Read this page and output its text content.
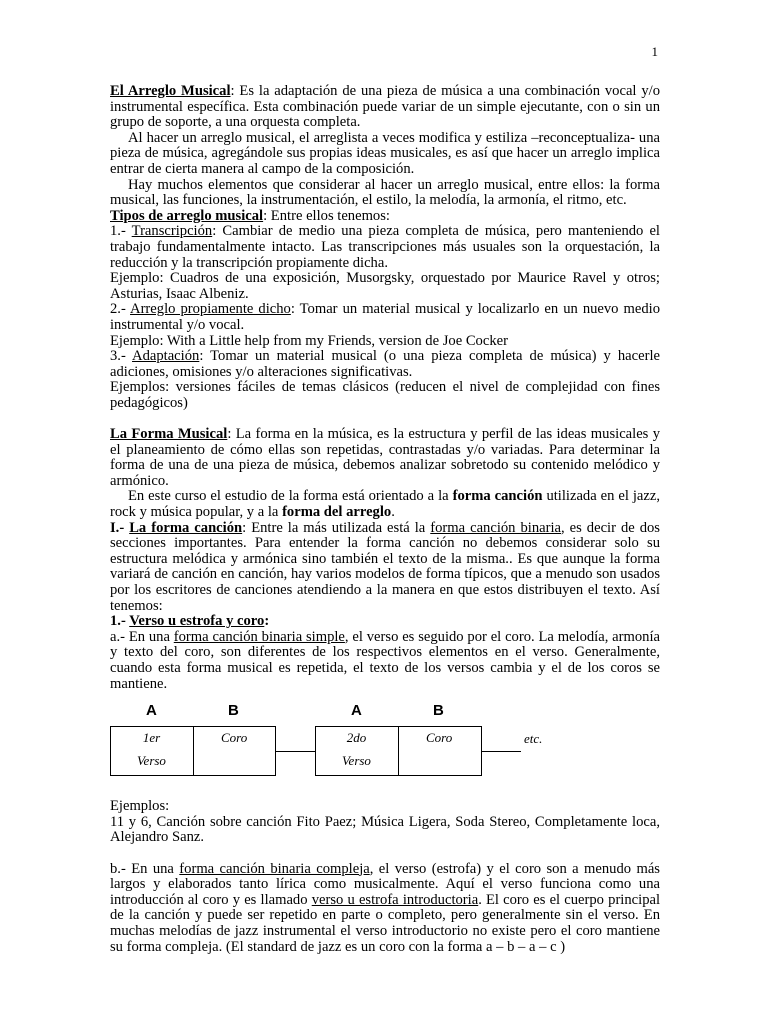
1

El Arreglo Musical: Es la adaptación de una pieza de música a una combinación vocal y/o instrumental específica. Esta combinación puede variar de un simple ejecutante, con o sin un grupo de soporte, a una orquesta completa.

Al hacer un arreglo musical, el arreglista a veces modifica y estiliza –reconceptualiza- una pieza de música, agregándole sus propias ideas musicales, es así que hacer un arreglo implica entrar de cierta manera al campo de la composición.

Hay muchos elementos que considerar al hacer un arreglo musical, entre ellos: la forma musical, las funciones, la instrumentación, el estilo, la melodía, la armonía, el ritmo, etc.

Tipos de arreglo musical: Entre ellos tenemos:

1.- Transcripción: Cambiar de medio una pieza completa de música, pero manteniendo el trabajo fundamentalmente intacto. Las transcripciones más usuales son la orquestación, la reducción y la transcripción propiamente dicha.

Ejemplo: Cuadros de una exposición, Musorgsky, orquestado por Maurice Ravel y otros; Asturias, Isaac Albeniz.

2.- Arreglo propiamente dicho: Tomar un material musical y localizarlo en un nuevo medio instrumental y/o vocal.

Ejemplo: With a Little help from my Friends, version de Joe Cocker

3.- Adaptación: Tomar un material musical (o una pieza completa de música) y hacerle adiciones, omisiones y/o alteraciones significativas.

Ejemplos: versiones fáciles de temas clásicos (reducen el nivel de complejidad con fines pedagógicos)

La Forma Musical: La forma en la música, es la estructura y perfil de las ideas musicales y el planeamiento de cómo ellas son repetidas, contrastadas y/o variadas. Para determinar la forma de una de una pieza de música, debemos analizar sobretodo su contenido melódico y armónico.

En este curso el estudio de la forma está orientado a la forma canción utilizada en el jazz, rock y música popular, y a la forma del arreglo.

I.- La forma canción: Entre la más utilizada está la forma canción binaria, es decir de dos secciones importantes. Para entender la forma canción no debemos considerar solo su estructura melódica y armónica sino también el texto de la misma.. Es que aunque la forma variará de canción en canción, hay varios modelos de forma típicos, que a menudo son usados por los escritores de canciones atendiendo a la manera en que estos distribuyen el texto. Así tenemos:

1.- Verso u estrofa y coro:

a.- En una forma canción binaria simple, el verso es seguido por el coro. La melodía, armonía y texto del coro, son diferentes de los respectivos elementos en el verso. Generalmente, cuando esta forma musical es repetida, el texto de los versos cambia y el de los coros se mantiene.

A	B	A	B
1er
Verso
Coro	2do
Verso
Coro	etc.

Ejemplos:

11 y 6, Canción sobre canción Fito Paez; Música Ligera, Soda Stereo, Completamente loca, Alejandro Sanz.

b.- En una forma canción binaria compleja, el verso (estrofa) y el coro son a menudo más largos y elaborados tanto lírica como musicalmente. Aquí el verso funciona como una introducción al coro y es llamado verso u estrofa introductoria. El coro es el cuerpo principal de la canción y puede ser repetido en parte o completo, pero generalmente sin el verso. En muchas melodías de jazz instrumental el verso introductorio no existe pero el coro mantiene su forma compleja. (El standard de jazz es un coro con la forma a – b – a – c )
